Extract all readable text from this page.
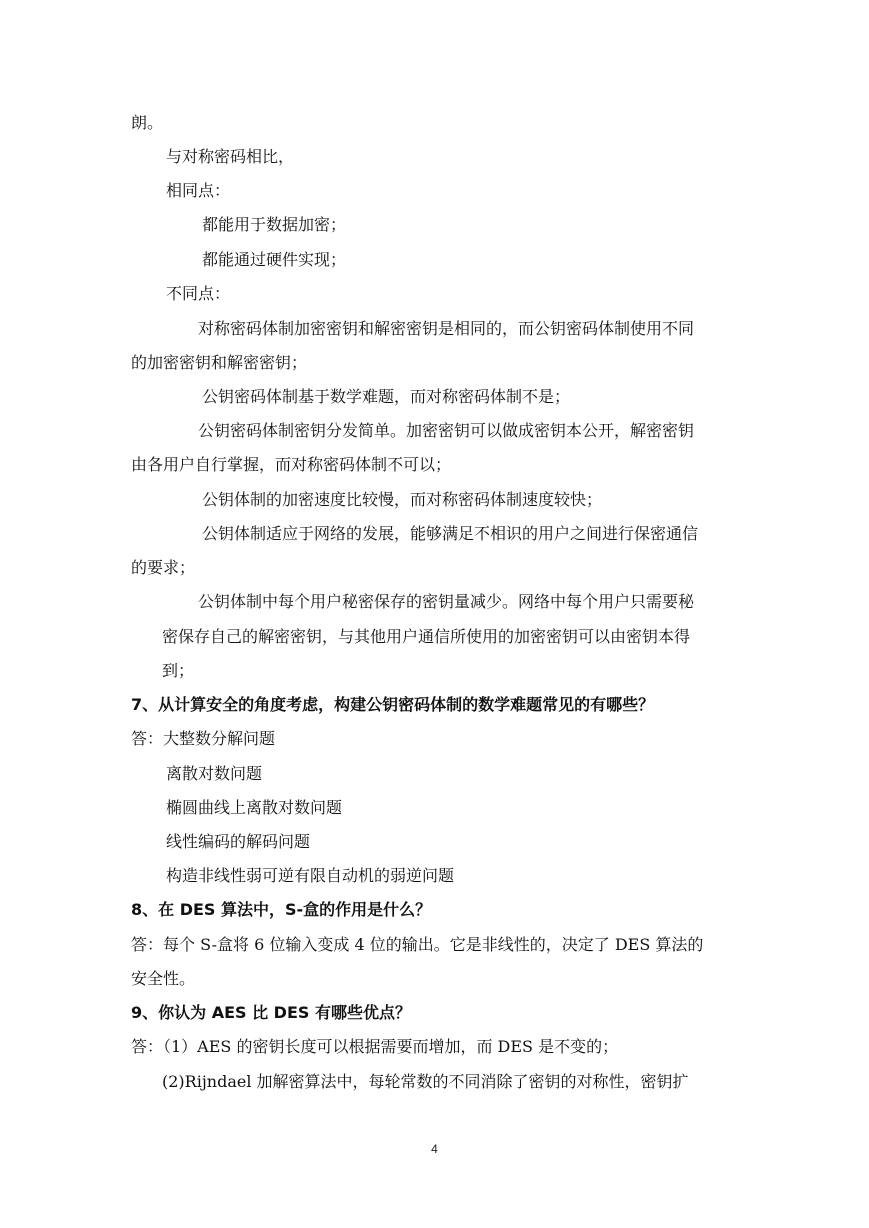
朗。
与对称密码相比，
相同点：
都能用于数据加密；
都能通过硬件实现；
不同点：
对称密码体制加密密钥和解密密钥是相同的，而公钥密码体制使用不同
的加密密钥和解密密钥；
公钥密码体制基于数学难题，而对称密码体制不是；
公钥密码体制密钥分发简单。加密密钥可以做成密钥本公开，解密密钥
由各用户自行掌握，而对称密码体制不可以；
公钥体制的加密速度比较慢，而对称密码体制速度较快；
公钥体制适应于网络的发展，能够满足不相识的用户之间进行保密通信
的要求；
公钥体制中每个用户秘密保存的密钥量减少。网络中每个用户只需要秘
密保存自己的解密密钥，与其他用户通信所使用的加密密钥可以由密钥本得
到；
7、从计算安全的角度考虑，构建公钥密码体制的数学难题常见的有哪些？
答：大整数分解问题
离散对数问题
椭圆曲线上离散对数问题
线性编码的解码问题
构造非线性弱可逆有限自动机的弱逆问题
8、在 DES 算法中，S-盒的作用是什么？
答：每个 S-盒将 6 位输入变成 4 位的输出。它是非线性的，决定了 DES 算法的
安全性。
9、你认为 AES 比 DES 有哪些优点？
答：（1）AES 的密钥长度可以根据需要而增加，而 DES 是不变的；
(2)Rijndael 加解密算法中，每轮常数的不同消除了密钥的对称性，密钥扩
4
